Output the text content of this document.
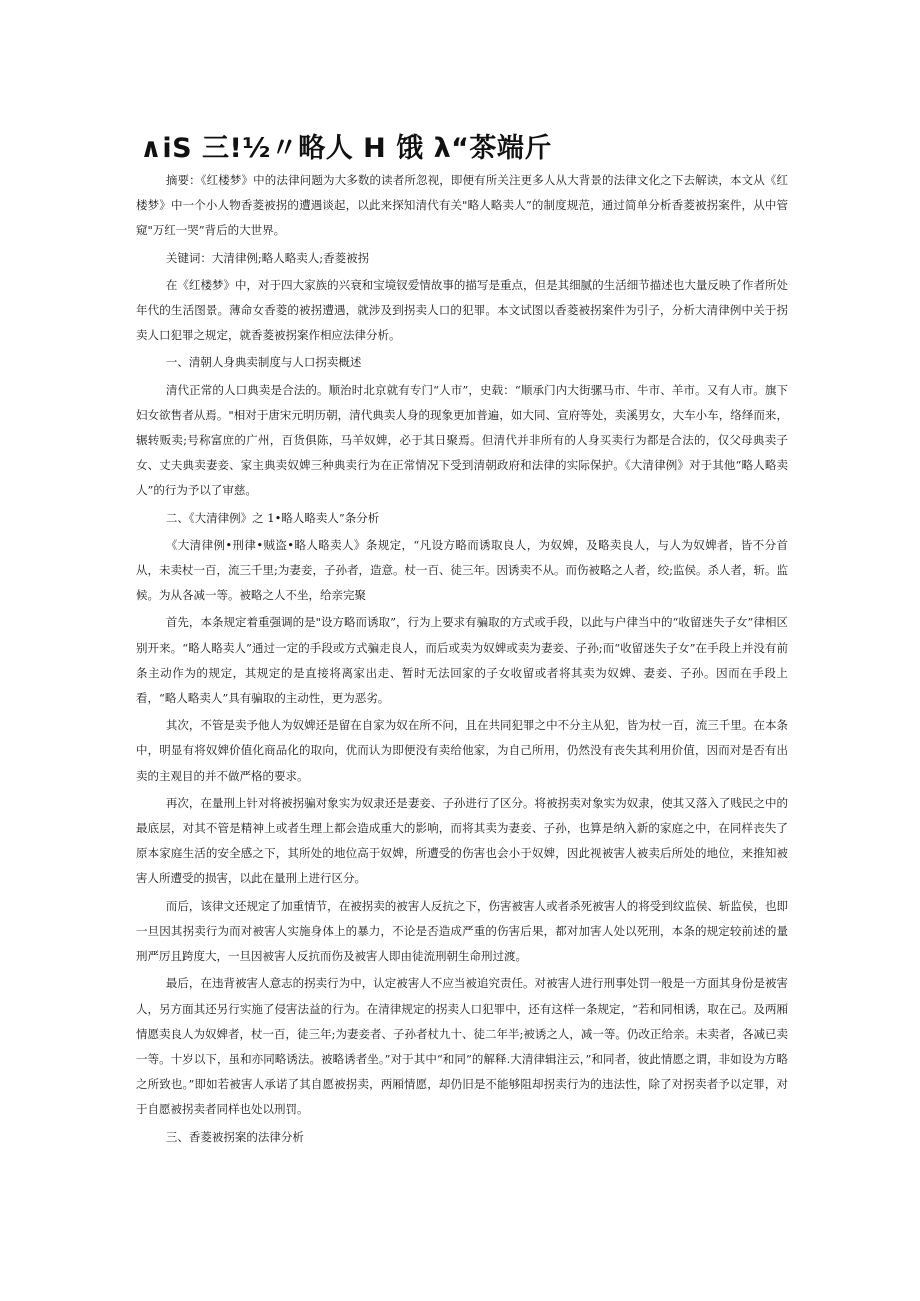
∧iS 三!½〃略人 H 饿 λ“茶端斤

摘要：《红楼梦》中的法律问题为大多数的读者所忽视，即便有所关注更多人从大背景的法律文化之下去解读，本文从《红楼梦》中一个小人物香菱被拐的遭遇谈起，以此来探知清代有关"略人略卖人”的制度规范，通过简单分析香菱被拐案件，从中管窥"万红一哭”背后的大世界。

关键词：大清律例;略人略卖人;香菱被拐

在《红楼梦》中，对于四大家族的兴衰和宝境钗爱情故事的描写是重点，但是其细腻的生活细节描述也大量反映了作者所处年代的生活图景。薄命女香菱的被拐遭遇，就涉及到拐卖人口的犯罪。本文试图以香菱被拐案件为引子，分析大清律例中关于拐卖人口犯罪之规定，就香菱被拐案作相应法律分析。

一、清朝人身典卖制度与人口拐卖概述

清代正常的人口典卖是合法的。顺治时北京就有专门“人市”，史载：“顺承门内大街骡马市、牛市、羊市。又有人市。旗下妇女欲售者从焉。"相对于唐宋元明历朝，清代典卖人身的现象更加普遍，如大同、宣府等处，卖溪男女，大车小车，络绎而来，辗转贩卖;号称富庶的广州，百货俱陈，马羊奴婢，必于其日聚焉。但清代并非所有的人身买卖行为都是合法的，仅父母典卖子女、丈夫典卖妻妾、家主典卖奴婢三种典卖行为在正常情况下受到清朝政府和法律的实际保护。《大清律例》对于其他“略人略卖人”的行为予以了审慈。

二、《大清律例》之 1•略人略卖人”条分析

《大清律例•刑律•贼盗•略人略卖人》条规定，“凡设方略而诱取良人，为奴婢，及略卖良人，与人为奴婢者，皆不分首从，未卖杖一百，流三千里;为妻妾，子孙者，造意。杖一百、徒三年。因诱卖不从。而伤被略之人者，绞;监侯。杀人者，斩。监候。为从各减一等。被略之人不坐，给亲完聚

首先，本条规定着重强调的是"设方略而诱取”，行为上要求有骗取的方式或手段，以此与户律当中的“收留迷失子女”律相区别开来。“略人略卖人”通过一定的手段或方式骗走良人，而后或卖为奴婢或卖为妻妾、子孙;而“收留迷失子女”在手段上并没有前条主动作为的规定，其规定的是直接将离家出走、暂时无法回家的子女收留或者将其卖为奴婢、妻妾、子孙。因而在手段上看，“略人略卖人”具有骗取的主动性，更为恶劣。

其次，不管是卖予他人为奴婢还是留在自家为奴在所不问，且在共同犯罪之中不分主从犯，皆为杖一百，流三千里。在本条中，明显有将奴婢价值化商品化的取向，优而认为即便没有卖给他家，为自己所用，仍然没有丧失其利用价值，因而对是否有出卖的主观目的并不做严格的要求。

再次，在量刑上针对将被拐骗对象实为奴隶还是妻妾、子孙进行了区分。将被拐卖对象实为奴隶，使其又落入了贱民之中的最底层，对其不管是精神上或者生理上都会造成重大的影响，而将其卖为妻妾、子孙，也算是纳入新的家庭之中，在同样丧失了原本家庭生活的安全感之下，其所处的地位高于奴婢，所遭受的伤害也会小于奴婢，因此视被害人被卖后所处的地位，来推知被害人所遭受的损害，以此在量刑上进行区分。

而后，该律文还规定了加重情节，在被拐卖的被害人反抗之下，伤害被害人或者杀死被害人的将受到纹监侯、斩监侯，也即一旦因其拐卖行为而对被害人实施身体上的暴力，不论是否造成严重的伤害后果，都对加害人处以死刑，本条的规定较前述的量刑严厉且跨度大，一旦因被害人反抗而伤及被害人即由徒流刑朝生命刑过渡。

最后，在违背被害人意志的拐卖行为中，认定被害人不应当被追究责任。对被害人进行刑事处罚一般是一方面其身份是被害人，另方面其还另行实施了侵害法益的行为。在清律规定的拐卖人口犯罪中，还有这样一条规定，“若和同相诱，取在己。及两厢情愿卖良人为奴婢者，杖一百，徒三年;为妻妾者、子孙者杖九十、徒二年半;被诱之人，减一等。仍改正给亲。未卖者，各减已卖一等。十岁以下，虽和亦同略诱法。被略诱者坐。”对于其中“和同”的解释.大清律辑注云，”和同者，彼此情愿之谓，非如设为方略之所致也。”即如若被害人承诺了其自愿被拐卖，两厢情愿，却仍旧是不能够阻却拐卖行为的违法性，除了对拐卖者予以定罪，对于自愿被拐卖者同样也处以刑罚。

三、香菱被拐案的法律分析
